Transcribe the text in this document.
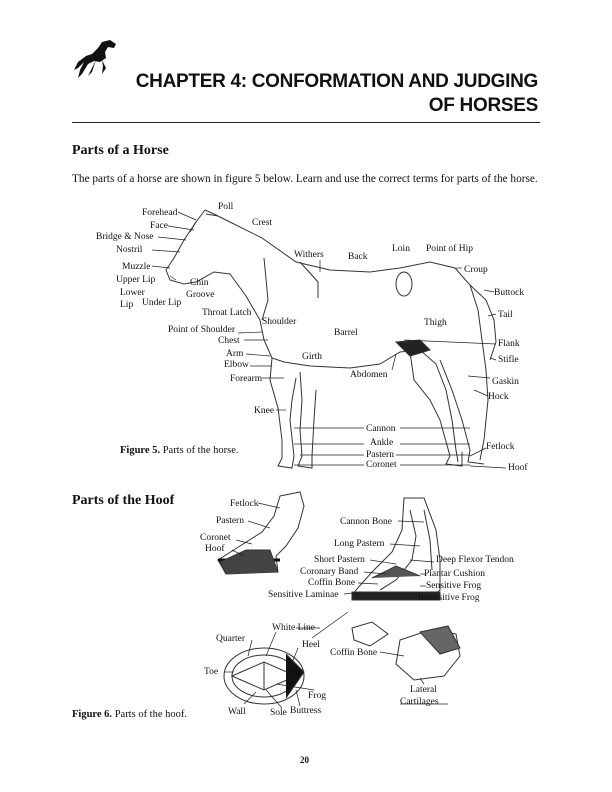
CHAPTER 4: CONFORMATION AND JUDGING
OF HORSES
Parts of a Horse
The parts of a horse are shown in figure 5 below. Learn and use the correct terms for parts of the horse.
Poll
Forehead
Face
Bridge & Nose
Crest
Nostril
Muzzle
Upper Lip	Chin
Lower	Groove
Lip Under Lip
Throat Latch
Withers	Back
Loin Point of Hip
Croup
Buttock
Tail
Thigh
Shoulder
Point of Shoulder
Chest
Barrel
Flank
Arm
Elbow
Girth	Stifle
Forearm	Abdomen
Gaskin
Hock
Knee
Cannon
Ankle	Fetlock
Pastern
Coronet	Hoof
Figure 5. Parts of the horse.
Parts of the Hoof	Fetlock
Pastern
Coronet
Hoof
Cannon Bone
Long Pastern
Short Pastern	Deep Flexor Tendon
Coronary Band	Plantar Cushion
Coffin Bone	Sensitive Frog
Sensitive Laminae	Insensitive Frog
White Line
Quarter
Heel
Coffin Bone
Toe
Frog
Lateral
Cartilages
Wall	Sole Buttress
Figure 6. Parts of the hoof.
20
